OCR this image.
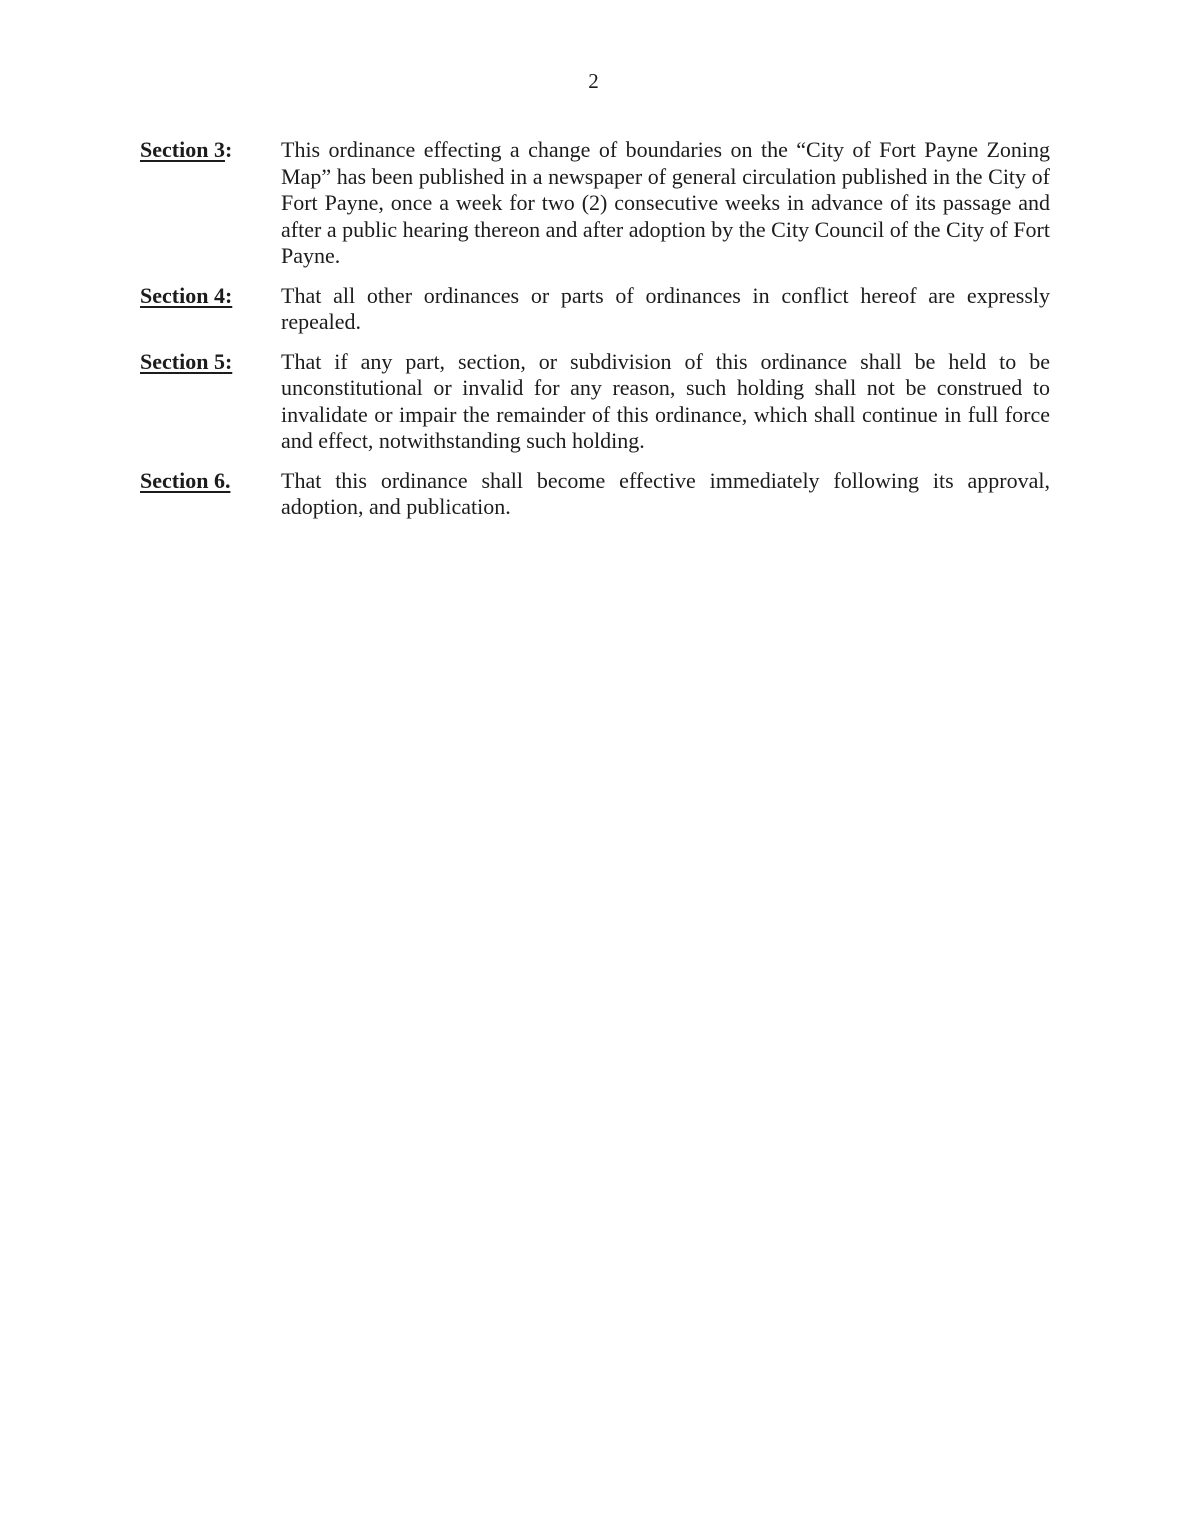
2
Section 3:	This ordinance effecting a change of boundaries on the “City of Fort Payne Zoning Map” has been published in a newspaper of general circulation published in the City of Fort Payne, once a week for two (2) consecutive weeks in advance of its passage and after a public hearing thereon and after adoption by the City Council of the City of Fort Payne.
Section 4:	That all other ordinances or parts of ordinances in conflict hereof are expressly repealed.
Section 5:	That if any part, section, or subdivision of this ordinance shall be held to be unconstitutional or invalid for any reason, such holding shall not be construed to invalidate or impair the remainder of this ordinance, which shall continue in full force and effect, notwithstanding such holding.
Section 6.	That this ordinance shall become effective immediately following its approval, adoption, and publication.
